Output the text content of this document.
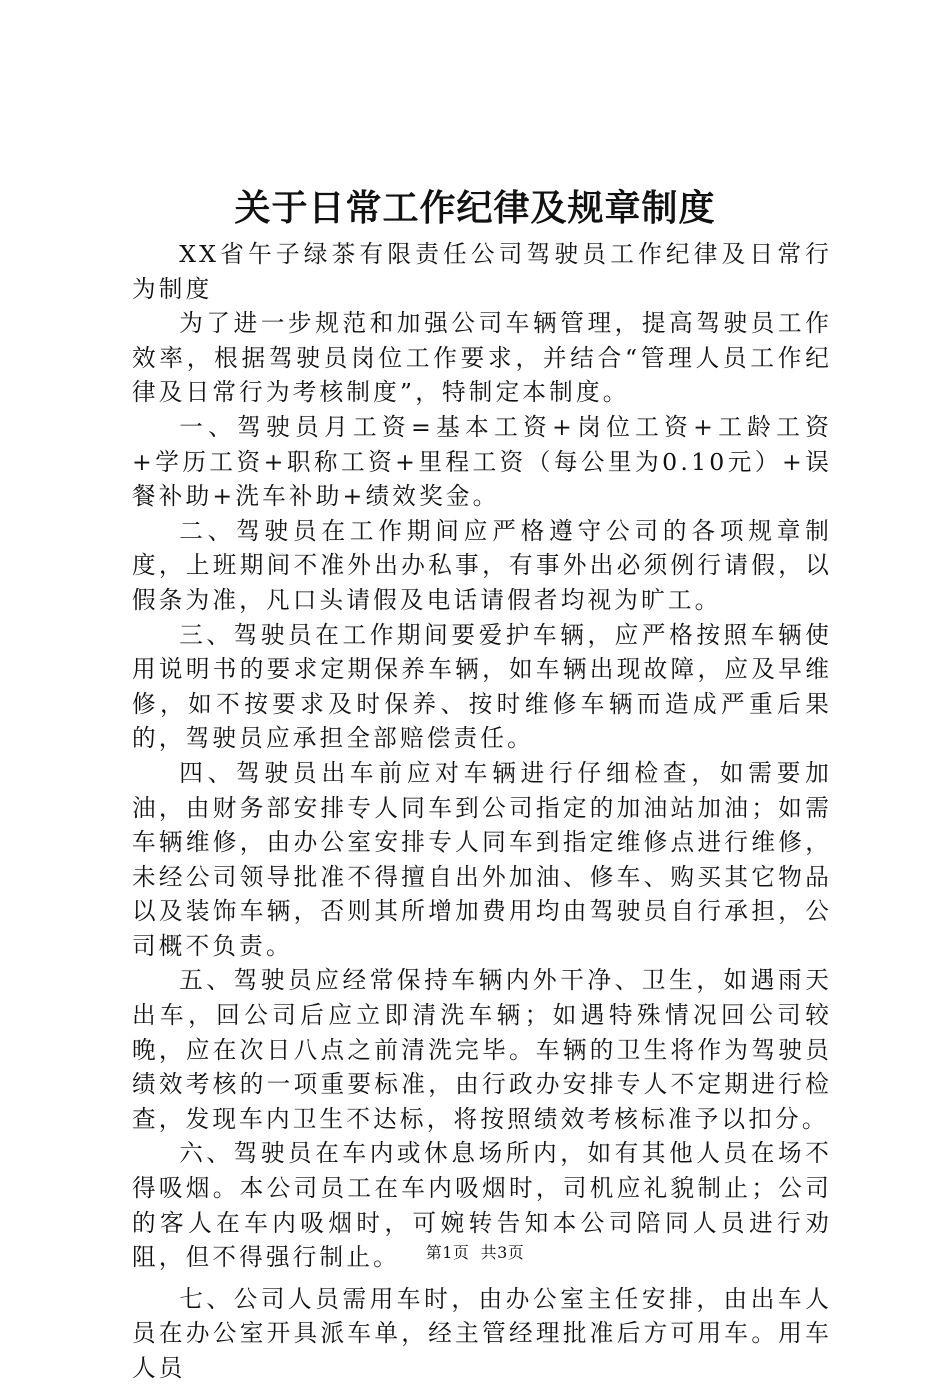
关于日常工作纪律及规章制度

XX省午子绿茶有限责任公司驾驶员工作纪律及日常行为制度

为了进一步规范和加强公司车辆管理，提高驾驶员工作效率，根据驾驶员岗位工作要求，并结合“管理人员工作纪律及日常行为考核制度”，特制定本制度。

一、驾驶员月工资=基本工资+岗位工资+工龄工资+学历工资+职称工资+里程工资（每公里为0.10元）+误餐补助+洗车补助+绩效奖金。

二、驾驶员在工作期间应严格遵守公司的各项规章制度，上班期间不准外出办私事，有事外出必须例行请假，以假条为准，凡口头请假及电话请假者均视为旷工。

三、驾驶员在工作期间要爱护车辆，应严格按照车辆使用说明书的要求定期保养车辆，如车辆出现故障，应及早维修，如不按要求及时保养、按时维修车辆而造成严重后果的，驾驶员应承担全部赔偿责任。

四、驾驶员出车前应对车辆进行仔细检查，如需要加油，由财务部安排专人同车到公司指定的加油站加油；如需车辆维修，由办公室安排专人同车到指定维修点进行维修，未经公司领导批准不得擅自出外加油、修车、购买其它物品以及装饰车辆，否则其所增加费用均由驾驶员自行承担，公司概不负责。

五、驾驶员应经常保持车辆内外干净、卫生，如遇雨天出车，回公司后应立即清洗车辆；如遇特殊情况回公司较晚，应在次日八点之前清洗完毕。车辆的卫生将作为驾驶员绩效考核的一项重要标准，由行政办安排专人不定期进行检查，发现车内卫生不达标，将按照绩效考核标准予以扣分。

六、驾驶员在车内或休息场所内，如有其他人员在场不得吸烟。本公司员工在车内吸烟时，司机应礼貌制止；公司的客人在车内吸烟时，可婉转告知本公司陪同人员进行劝阻，但不得强行制止。

七、公司人员需用车时，由办公室主任安排，由出车人员在办公室开具派车单，经主管经理批准后方可用车。用车人员

第1页  共3页
